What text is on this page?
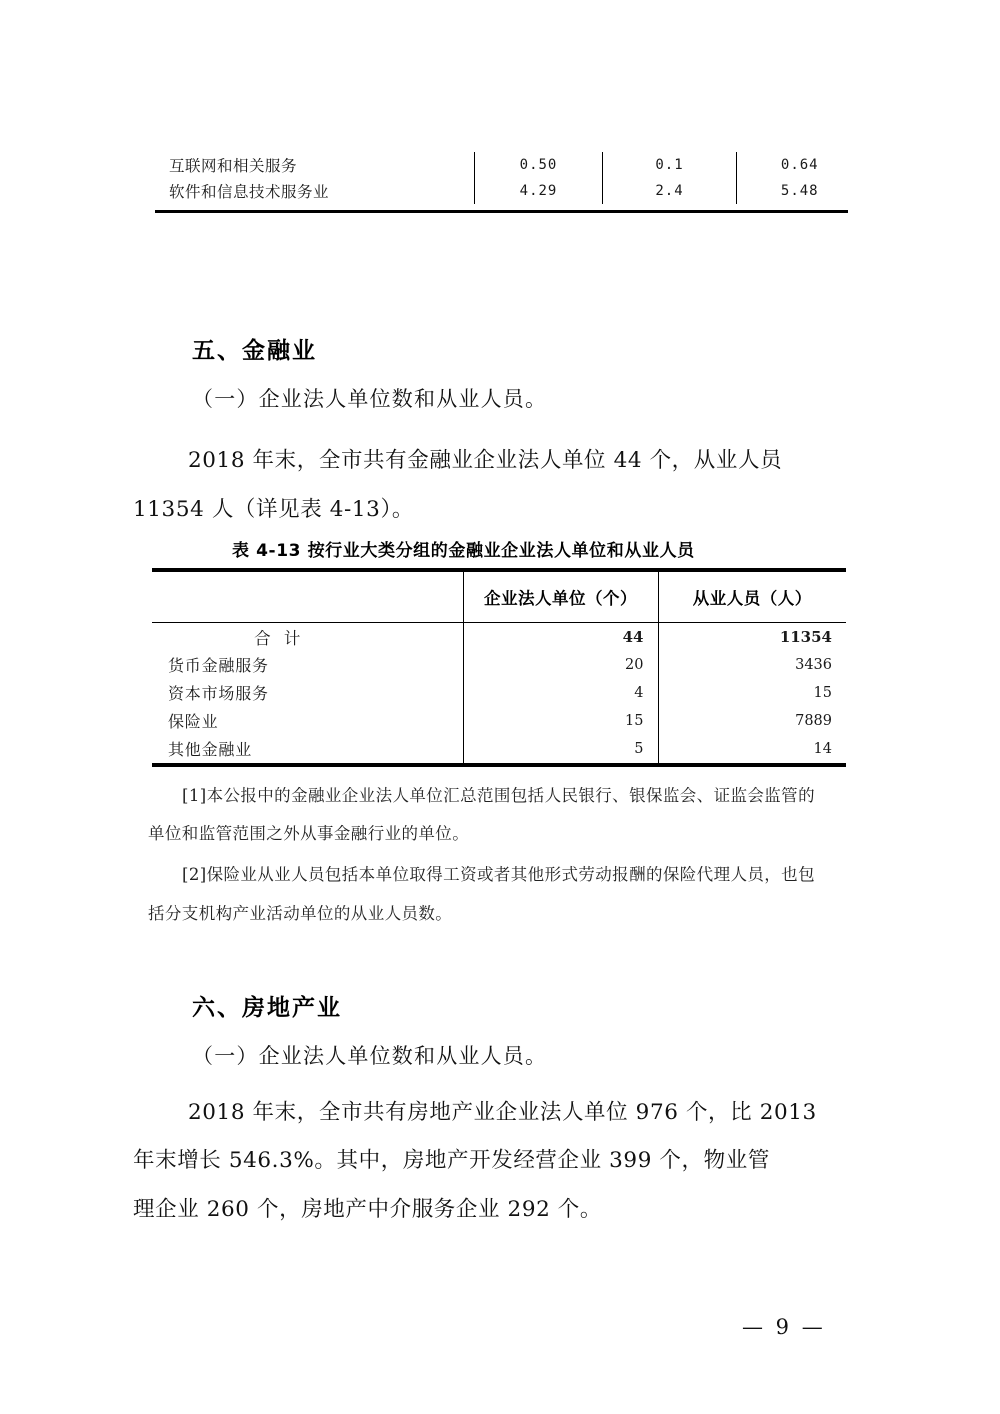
互联网和相关服务	0.50	0.1	0.64
软件和信息技术服务业	4.29	2.4	5.48
五、金融业
（一）企业法人单位数和从业人员。
2018 年末，全市共有金融业企业法人单位 44 个，从业人员
11354 人（详见表 4-13）。
表 4-13 按行业大类分组的金融业企业法人单位和从业人员
	企业法人单位（个）	从业人员（人）
合 计	44	11354
货币金融服务	20	3436
资本市场服务	4	15
保险业	15	7889
其他金融业	5	14
[1]本公报中的金融业企业法人单位汇总范围包括人民银行、银保监会、证监会监管的
单位和监管范围之外从事金融行业的单位。
[2]保险业从业人员包括本单位取得工资或者其他形式劳动报酬的保险代理人员，也包
括分支机构产业活动单位的从业人员数。
六、房地产业
（一）企业法人单位数和从业人员。
2018 年末，全市共有房地产业企业法人单位 976 个，比 2013
年末增长 546.3%。其中，房地产开发经营企业 399 个，物业管
理企业 260 个，房地产中介服务企业 292 个。
— 9 —
